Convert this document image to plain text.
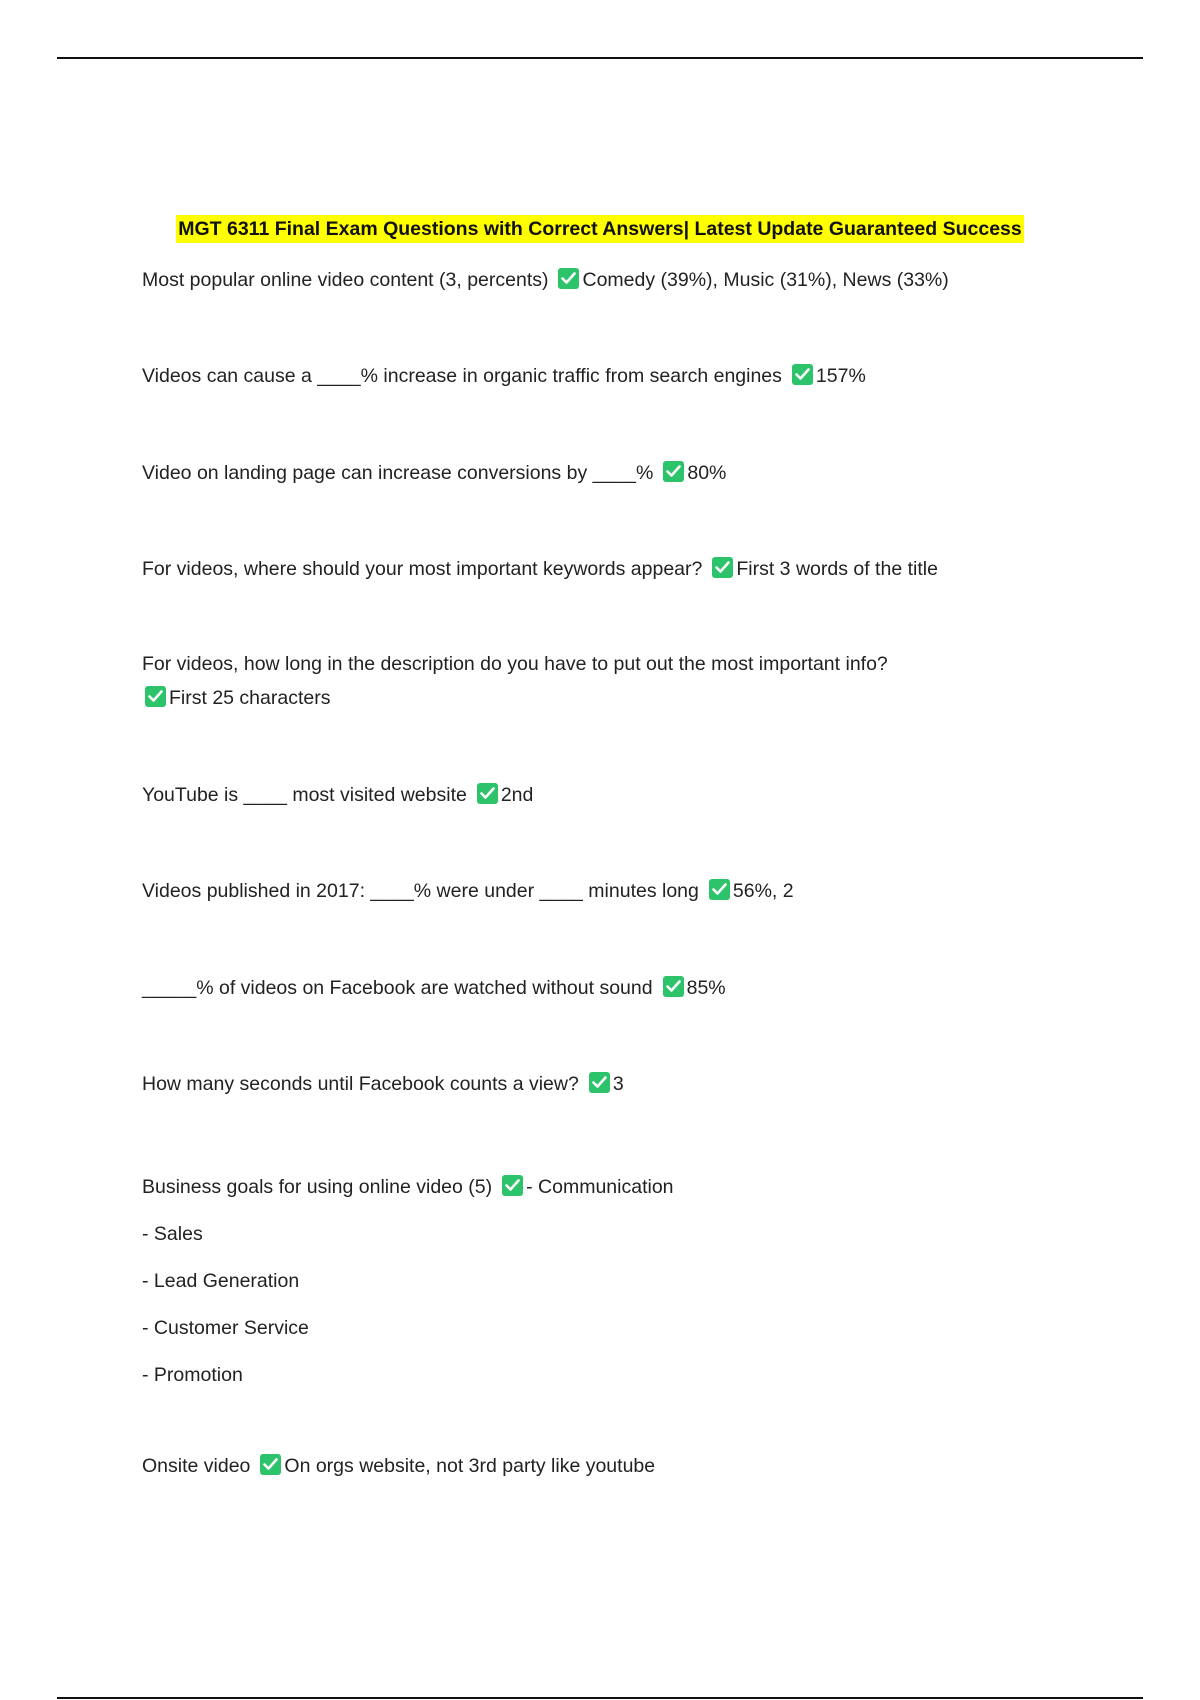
MGT 6311 Final Exam Questions with Correct Answers| Latest Update Guaranteed Success
Most popular online video content (3, percents) Comedy (39%), Music (31%), News (33%)
Videos can cause a ____% increase in organic traffic from search engines 157%
Video on landing page can increase conversions by ____% 80%
For videos, where should your most important keywords appear? First 3 words of the title
For videos, how long in the description do you have to put out the most important info?
First 25 characters
YouTube is ____ most visited website 2nd
Videos published in 2017: ____% were under ____ minutes long 56%, 2
_____% of videos on Facebook are watched without sound 85%
How many seconds until Facebook counts a view? 3
Business goals for using online video (5) - Communication
- Sales
- Lead Generation
- Customer Service
- Promotion
Onsite video On orgs website, not 3rd party like youtube
